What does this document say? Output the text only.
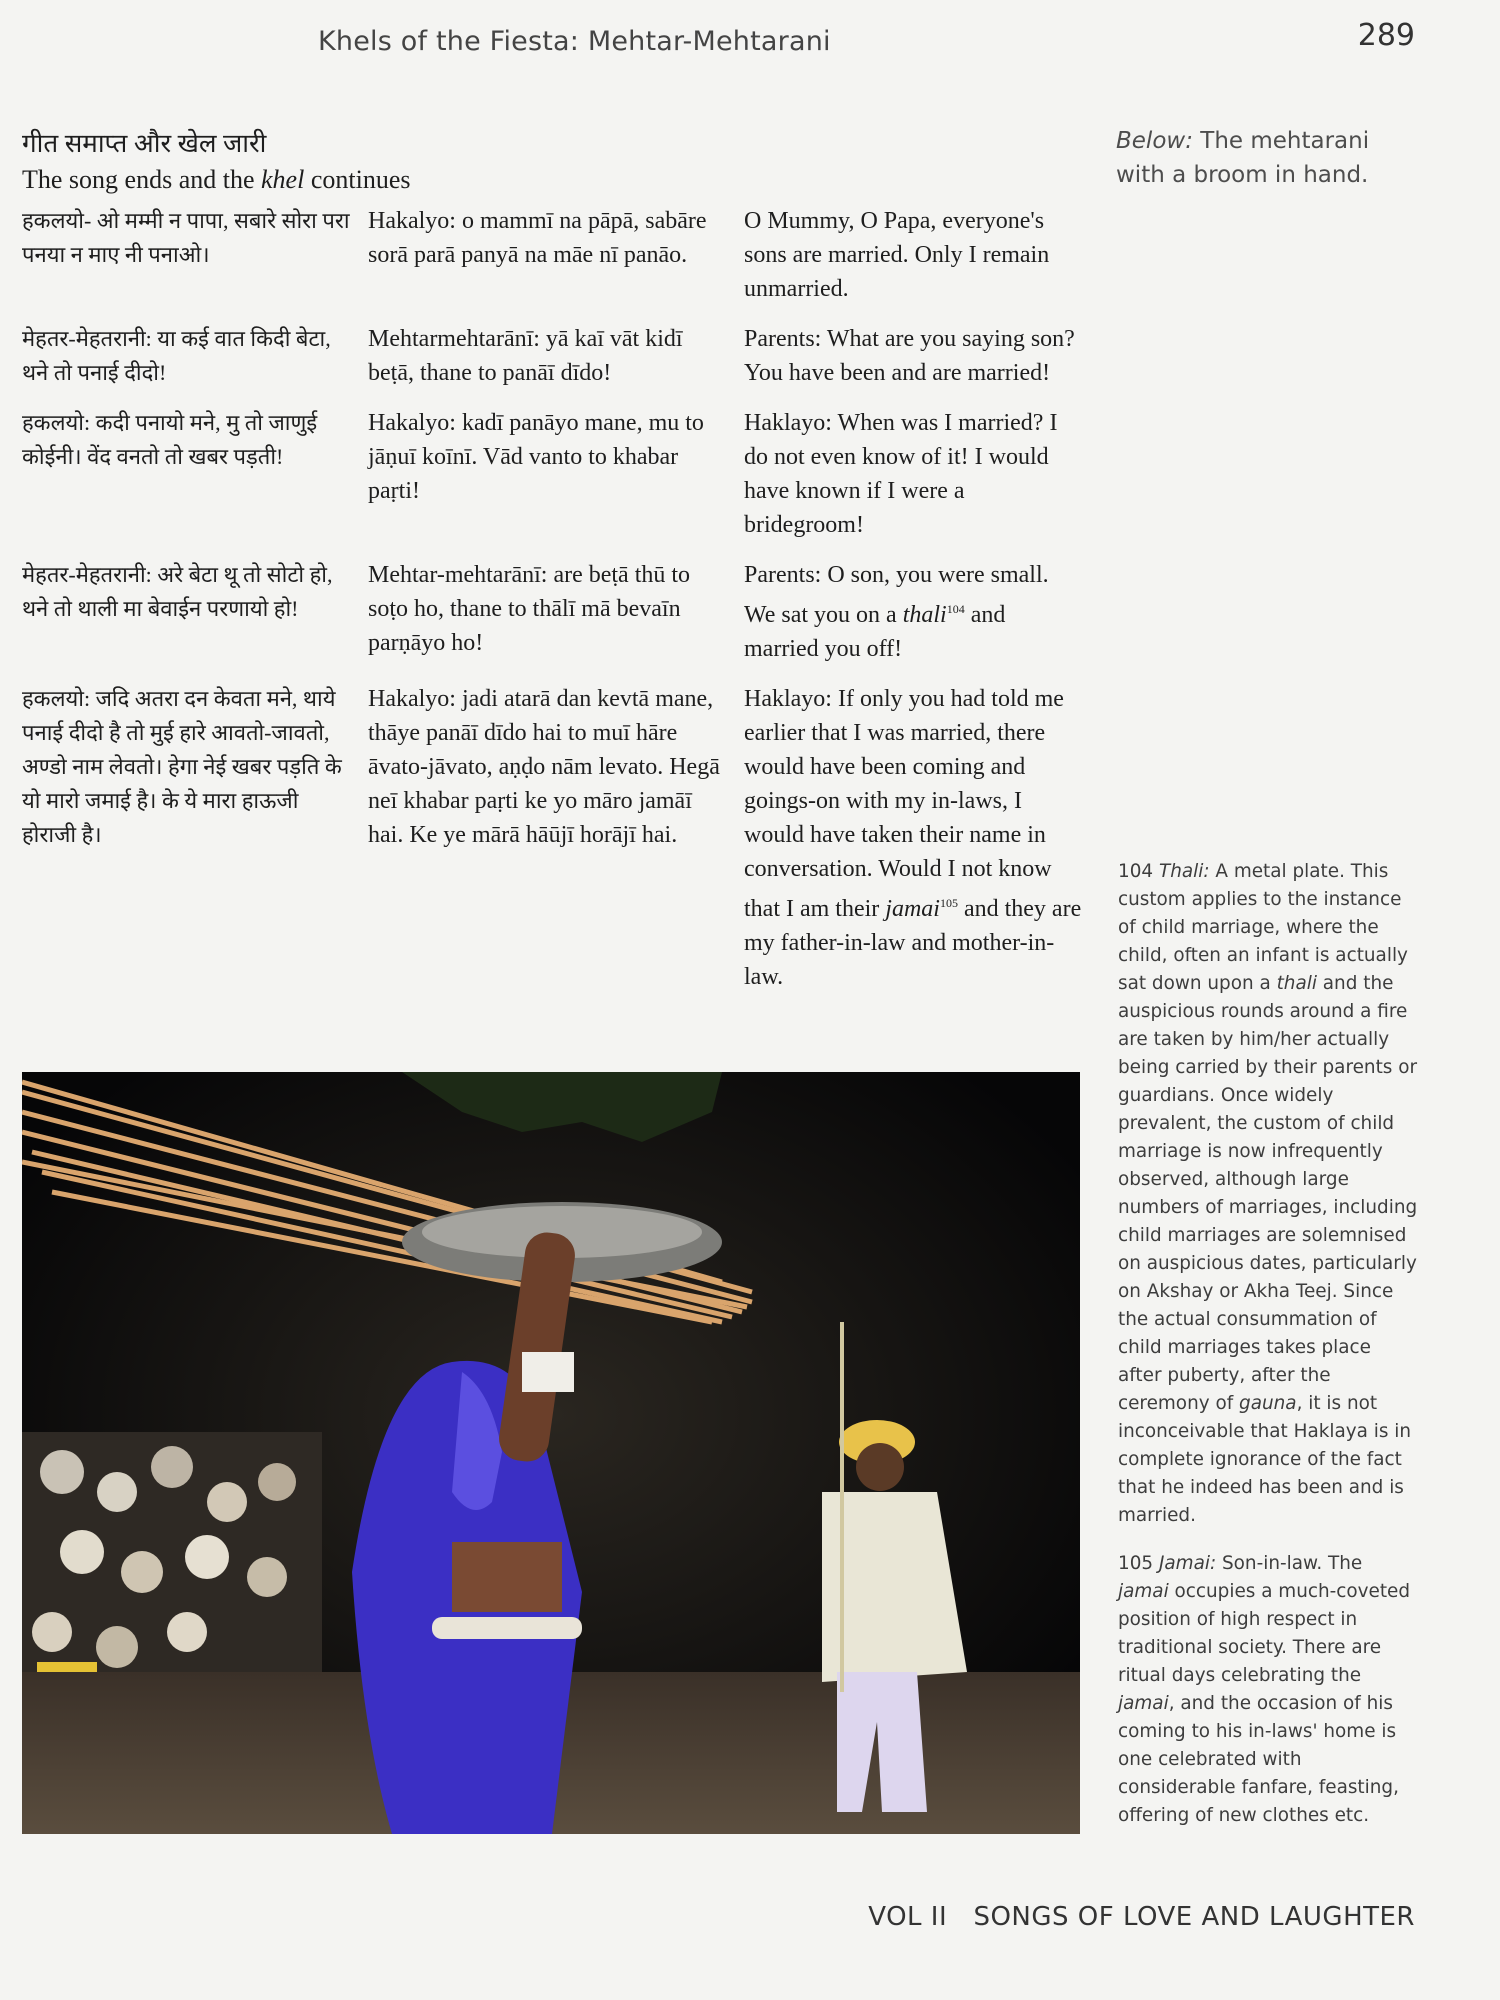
Khels of the Fiesta: Mehtar-Mehtarani	289
गीत समाप्त और खेल जारी
The song ends and the khel continues
Below: The mehtarani with a broom in hand.
हकलयो- ओ मम्मी न पापा, सबारे सोरा परा पनया न माए नी पनाओ।
Hakalyo: o mammī na pāpā, sabāre sorā parā panyā na māe nī panāo.
O Mummy, O Papa, everyone's sons are married. Only I remain unmarried.
मेहतर-मेहतरानी: या कई वात किदी बेटा, थने तो पनाई दीदो!
Mehtarmehtarānī: yā kaī vāt kidī beṭā, thane to panāī dīdo!
Parents: What are you saying son? You have been and are married!
हकलयो: कदी पनायो मने, मु तो जाणुई कोईनी। वेंद वनतो तो खबर पड़ती!
Hakalyo: kadī panāyo mane, mu to jāṇuī koīnī. Vād vanto to khabar paṛti!
Haklayo: When was I married? I do not even know of it! I would have known if I were a bridegroom!
मेहतर-मेहतरानी: अरे बेटा थू तो सोटो हो, थने तो थाली मा बेवाईन परणायो हो!
Mehtar-mehtarānī: are beṭā thū to soṭo ho, thane to thālī mā bevaīn parṇāyo ho!
Parents: O son, you were small. We sat you on a thali$^{104}$ and married you off!
हकलयो: जदि अतरा दन केवता मने, थाये पनाई दीदो है तो मुई हारे आवतो-जावतो, अण्डो नाम लेवतो। हेगा नेई खबर पड़ति के यो मारो जमाई है। के ये मारा हाऊजी होराजी है।
Hakalyo: jadi atarā dan kevtā mane, thāye panāī dīdo hai to muī hāre āvato-jāvato, aṇḍo nām levato. Hegā neī khabar paṛti ke yo māro jamāī hai. Ke ye mārā hāūjī horājī hai.
Haklayo: If only you had told me earlier that I was married, there would have been coming and goings-on with my in-laws, I would have taken their name in conversation. Would I not know that I am their jamai$^{105}$ and they are my father-in-law and mother-in-law.

104 Thali: A metal plate. This custom applies to the instance of child marriage, where the child, often an infant is actually sat down upon a thali and the auspicious rounds around a fire are taken by him/her actually being carried by their parents or guardians. Once widely prevalent, the custom of child marriage is now infrequently observed, although large numbers of marriages, including child marriages are solemnised on auspicious dates, particularly on Akshay or Akha Teej. Since the actual consummation of child marriages takes place after puberty, after the ceremony of gauna, it is not inconceivable that Haklaya is in complete ignorance of the fact that he indeed has been and is married.

105 Jamai: Son-in-law. The jamai occupies a much-coveted position of high respect in traditional society. There are ritual days celebrating the jamai, and the occasion of his coming to his in-laws' home is one celebrated with considerable fanfare, feasting, offering of new clothes etc.

VOL II SONGS OF LOVE AND LAUGHTER
